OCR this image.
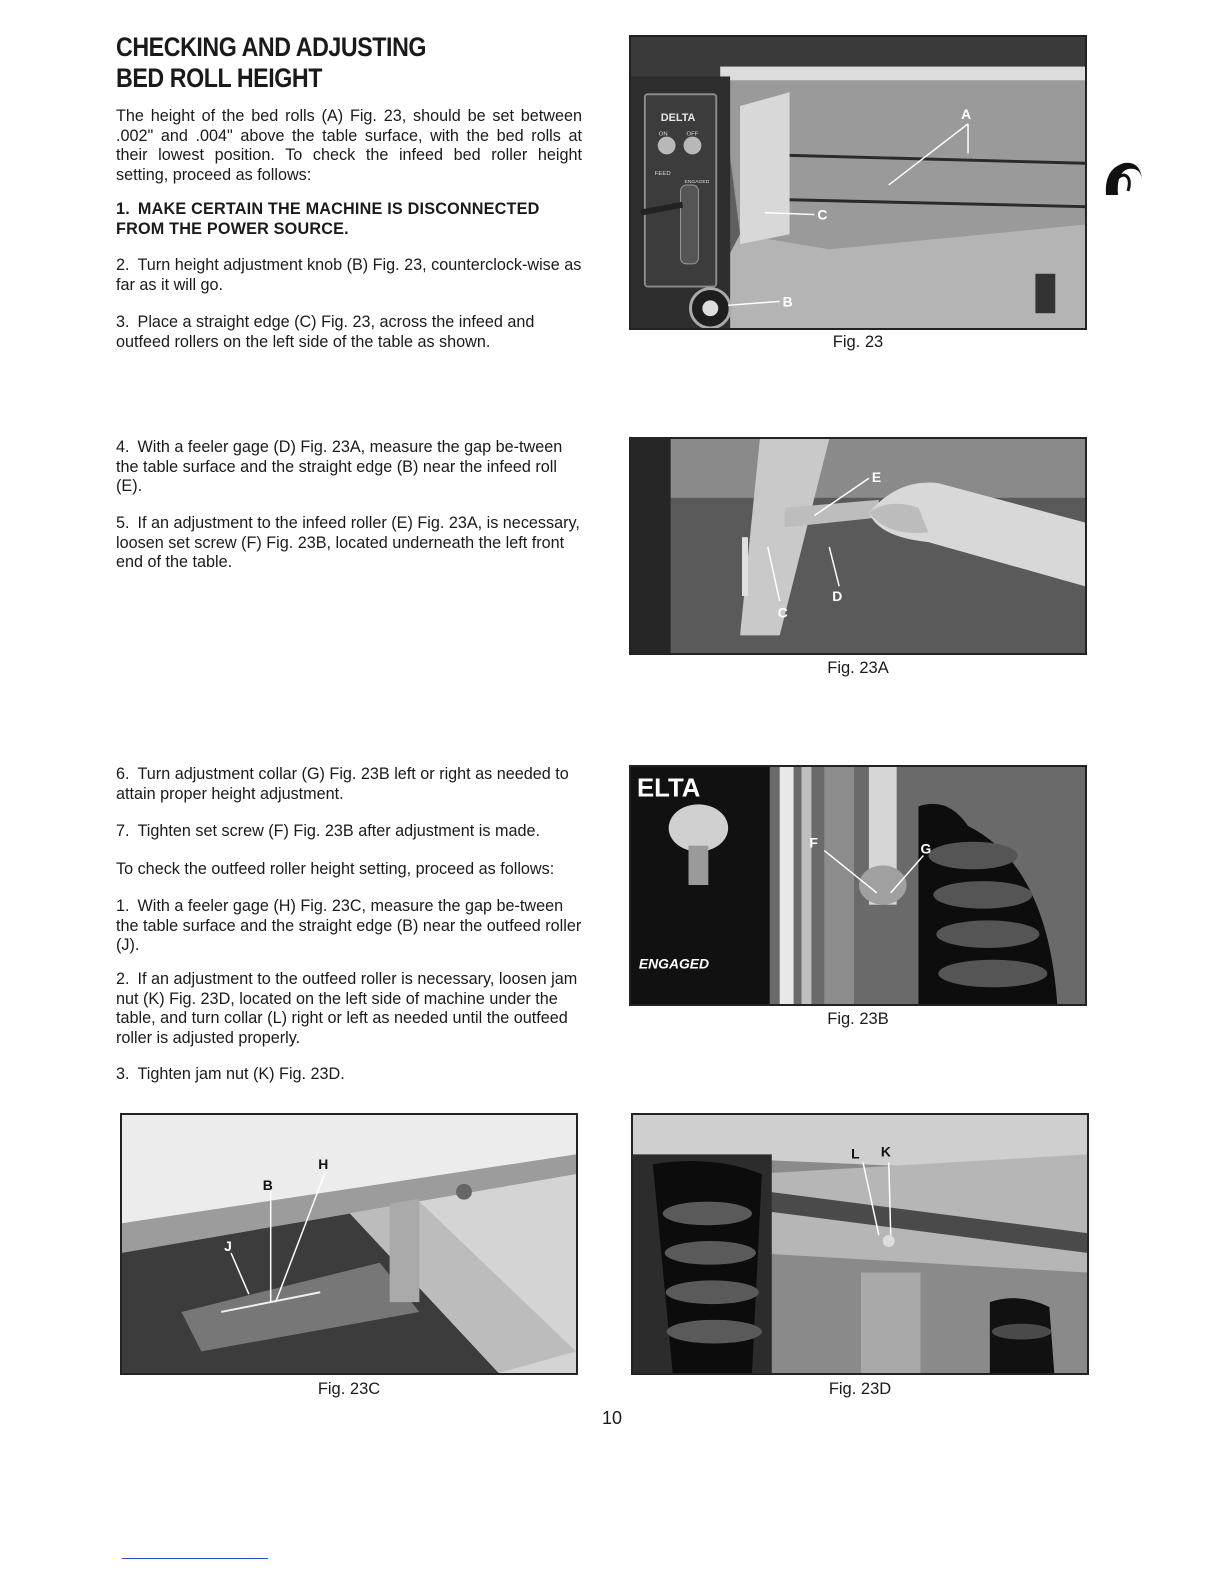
CHECKING AND ADJUSTING
BED ROLL HEIGHT

The height of the bed rolls (A) Fig. 23, should be set between .002" and .004" above the table surface, with the bed rolls at their lowest position. To check the infeed bed roller height setting, proceed as follows:

1. MAKE CERTAIN THE MACHINE IS DISCONNECTED FROM THE POWER SOURCE.

2. Turn height adjustment knob (B) Fig. 23, counterclock-wise as far as it will go.

3. Place a straight edge (C) Fig. 23, across the infeed and outfeed rollers on the left side of the table as shown.

4. With a feeler gage (D) Fig. 23A, measure the gap be-tween the table surface and the straight edge (B) near the infeed roll (E).

5. If an adjustment to the infeed roller (E) Fig. 23A, is necessary, loosen set screw (F) Fig. 23B, located underneath the left front end of the table.

6. Turn adjustment collar (G) Fig. 23B left or right as needed to attain proper height adjustment.

7. Tighten set screw (F) Fig. 23B after adjustment is made.

To check the outfeed roller height setting, proceed as follows:

1. With a feeler gage (H) Fig. 23C, measure the gap be-tween the table surface and the straight edge (B) near the outfeed roller (J).

2. If an adjustment to the outfeed roller is necessary, loosen jam nut (K) Fig. 23D, located on the left side of machine under the table, and turn collar (L) right or left as needed until the outfeed roller is adjusted properly.

3. Tighten jam nut (K) Fig. 23D.

A
C
B
DELTA
ON	OFF
FEED
ENGAGED
Fig. 23
E
D
C
Fig. 23A
F	G
ELTA
ENGAGED
Fig. 23B
H
B
J
Fig. 23C
L K
Fig. 23D
10
